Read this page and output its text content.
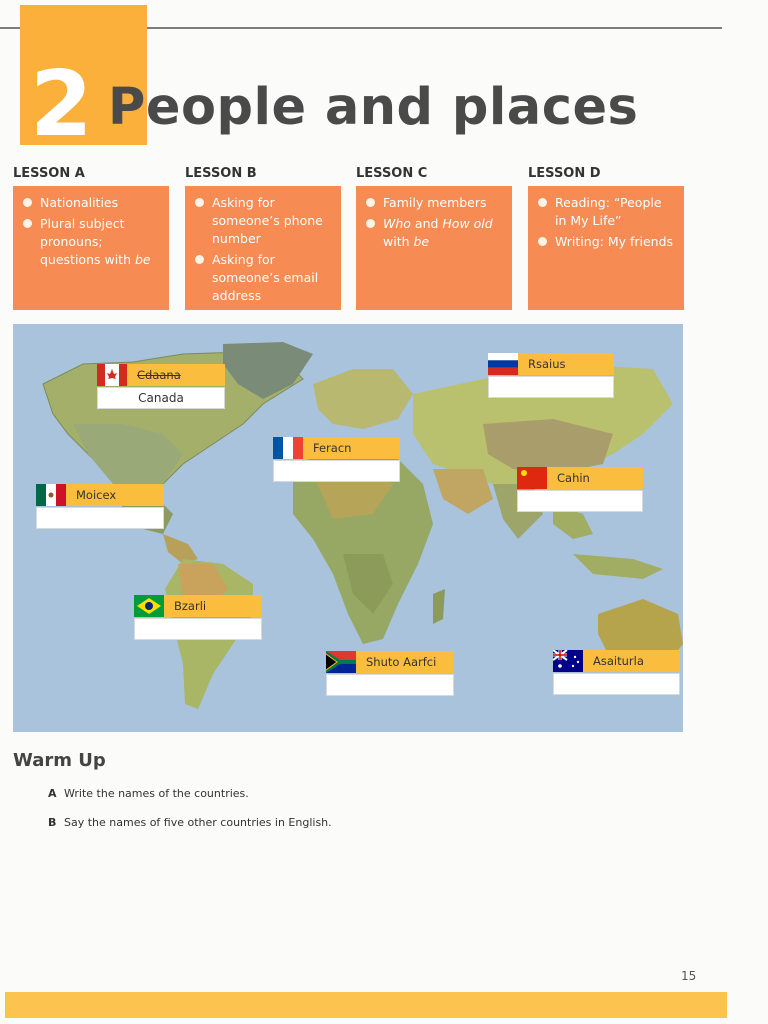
2 People and places
LESSON A
Nationalities
Plural subject pronouns; questions with be
LESSON B
Asking for someone’s phone number
Asking for someone’s email address
LESSON C
Family members
Who and How old with be
LESSON D
Reading: “People in My Life”
Writing: My friends
Cdaana
Canada
Rsaius
Feracn
Cahin
Moicex
Bzarli
Shuto Aarfci	Asaiturla
Warm Up
A Write the names of the countries.
B Say the names of five other countries in English.
15
